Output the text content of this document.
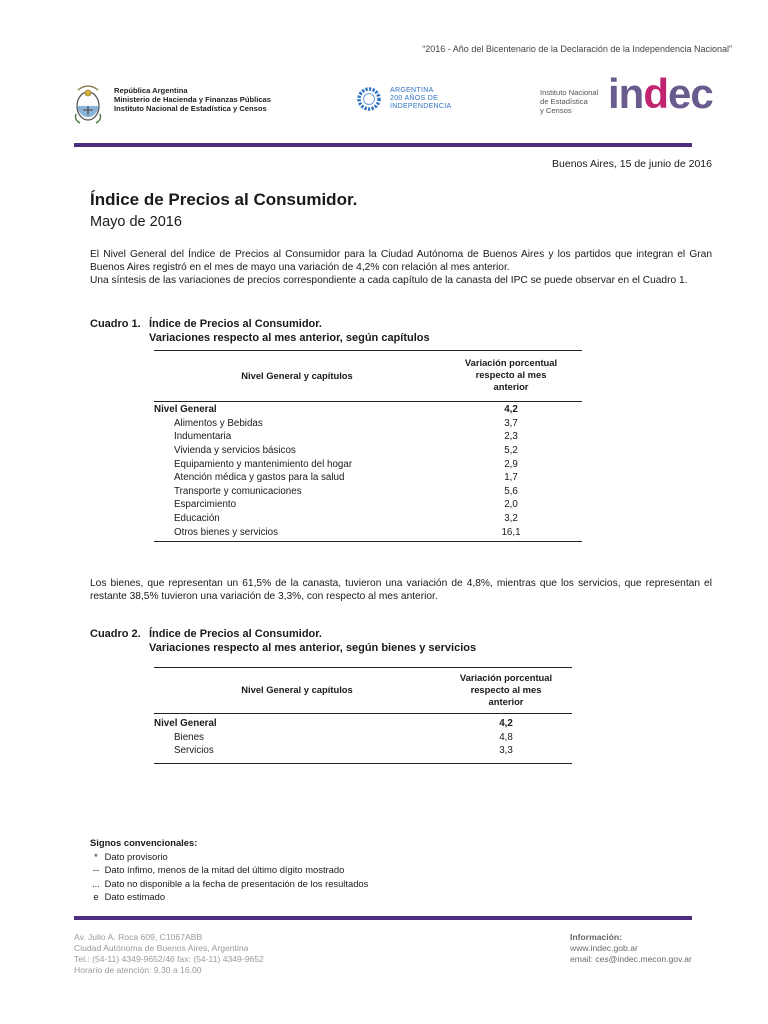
“2016 - Año del Bicentenario de la Declaración de la Independencia Nacional”
República Argentina
Ministerio de Hacienda y Finanzas Públicas
Instituto Nacional de Estadística y Censos
ARGENTINA
200 AÑOS DE
INDEPENDENCIA
Instituto Nacional
de Estadística
y Censos indec
Buenos Aires, 15 de junio de 2016
Índice de Precios al Consumidor.
Mayo de 2016

El Nivel General del Índice de Precios al Consumidor para la Ciudad Autónoma de Buenos Aires y los partidos que integran el Gran Buenos Aires registró en el mes de mayo una variación de 4,2% con relación al mes anterior.

Una síntesis de las variaciones de precios correspondiente a cada capítulo de la canasta del IPC se puede observar en el Cuadro 1.

Cuadro 1. Índice de Precios al Consumidor.
Variaciones respecto al mes anterior, según capítulos
Nivel General y capítulos
Variación porcentual
respecto al mes
anterior
Nivel General	4,2
Alimentos y Bebidas	3,7
Indumentaria	2,3
Vivienda y servicios básicos	5,2
Equipamiento y mantenimiento del hogar	2,9
Atención médica y gastos para la salud	1,7
Transporte y comunicaciones	5,6
Esparcimiento	2,0
Educación	3,2
Otros bienes y servicios	16,1

Los bienes, que representan un 61,5% de la canasta, tuvieron una variación de 4,8%, mientras que los servicios, que representan el restante 38,5% tuvieron una variación de 3,3%, con respecto al mes anterior.

Cuadro 2. Índice de Precios al Consumidor.
Variaciones respecto al mes anterior, según bienes y servicios
Nivel General y capítulos
Variación porcentual
respecto al mes
anterior
Nivel General	4,2
Bienes	4,8
Servicios	3,3
Signos convencionales:
* Dato provisorio
-- Dato ínfimo, menos de la mitad del último dígito mostrado
... Dato no disponible a la fecha de presentación de los resultados
e Dato estimado
Av. Julio A. Roca 609, C1067ABB
Ciudad Autónoma de Buenos Aires, Argentina
Tel.: (54-11) 4349-9652/46 fax: (54-11) 4349-9652
Horario de atención: 9.30 a 16.00
Información:
www.indec.gob.ar
email: ces@indec.mecon.gov.ar
